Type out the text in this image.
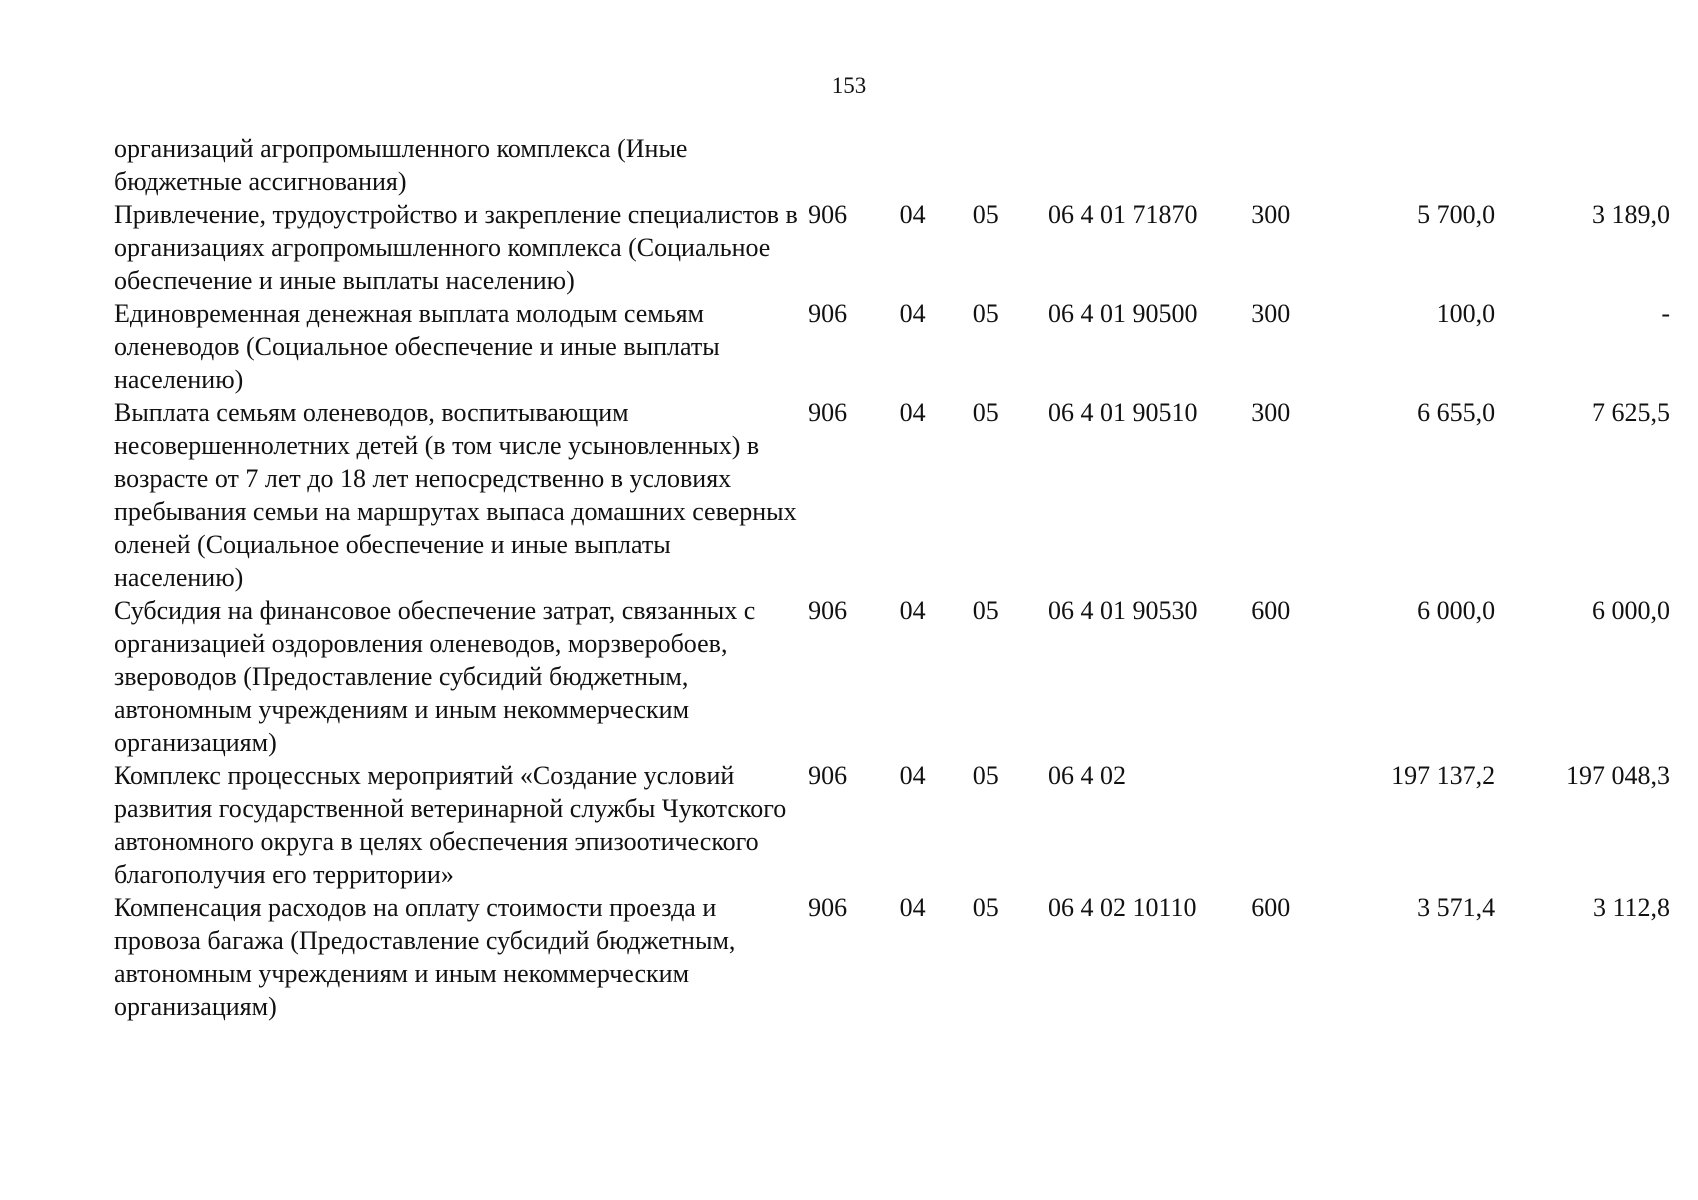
153
организаций агропромышленного комплекса (Иные бюджетные ассигнования)							
Привлечение, трудоустройство и закрепление специалистов в организациях агропромышленного комплекса (Социальное обеспечение и иные выплаты населению)	906	04	05	06 4 01 71870	300	5 700,0	3 189,0
Единовременная денежная выплата молодым семьям оленеводов (Социальное обеспечение и иные выплаты населению)	906	04	05	06 4 01 90500	300	100,0	-
Выплата семьям оленеводов, воспитывающим несовершеннолетних детей (в том числе усыновленных) в возрасте от 7 лет до 18 лет непосредственно в условиях пребывания семьи на маршрутах выпаса домашних северных оленей (Социальное обеспечение и иные выплаты населению)	906	04	05	06 4 01 90510	300	6 655,0	7 625,5
Субсидия на финансовое обеспечение затрат, связанных с организацией оздоровления оленеводов, морзверобоев, звероводов (Предоставление субсидий бюджетным, автономным учреждениям и иным некоммерческим организациям)	906	04	05	06 4 01 90530	600	6 000,0	6 000,0
Комплекс процессных мероприятий «Создание условий развития государственной ветеринарной службы Чукотского автономного округа в целях обеспечения эпизоотического благополучия его территории»	906	04	05	06 4 02		197 137,2	197 048,3
Компенсация расходов на оплату стоимости проезда и провоза багажа (Предоставление субсидий бюджетным, автономным учреждениям и иным некоммерческим организациям)	906	04	05	06 4 02 10110	600	3 571,4	3 112,8
